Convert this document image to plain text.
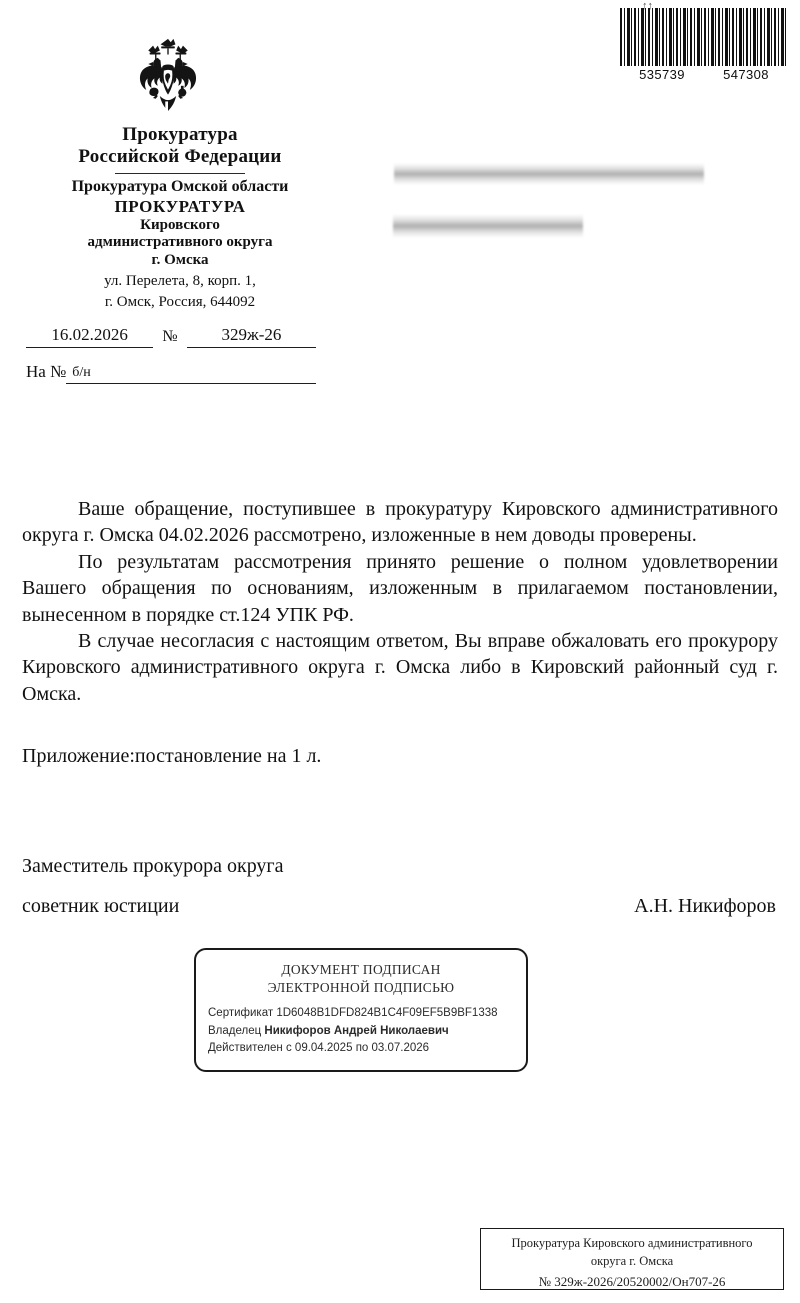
↑↑
535739	547308
Прокуратура
Российской Федерации
Прокуратура Омской области
ПРОКУРАТУРА
Кировского
административного округа
г. Омска
ул. Перелета, 8, корп. 1,
г. Омск, Россия, 644092
16.02.2026	№	329ж-26
На № б/н

Ваше обращение, поступившее в прокуратуру Кировского административного округа г. Омска 04.02.2026 рассмотрено, изложенные в нем доводы проверены.

По результатам рассмотрения принято решение о полном удовлетворении Вашего обращения по основаниям, изложенным в прилагаемом постановлении, вынесенном в порядке ст.124 УПК РФ.

В случае несогласия с настоящим ответом, Вы вправе обжаловать его прокурору Кировского административного округа г. Омска либо в Кировский районный суд г. Омска.

Приложение:постановление на 1 л.
Заместитель прокурора округа
советник юстиции	А.Н. Никифоров
ДОКУМЕНТ ПОДПИСАН
ЭЛЕКТРОННОЙ ПОДПИСЬЮ
Сертификат 1D6048B1DFD824B1C4F09EF5B9BF1338
Владелец Никифоров Андрей Николаевич
Действителен с 09.04.2025 по 03.07.2026
Прокуратура Кировского административного
округа г. Омска
№ 329ж-2026/20520002/Он707-26
